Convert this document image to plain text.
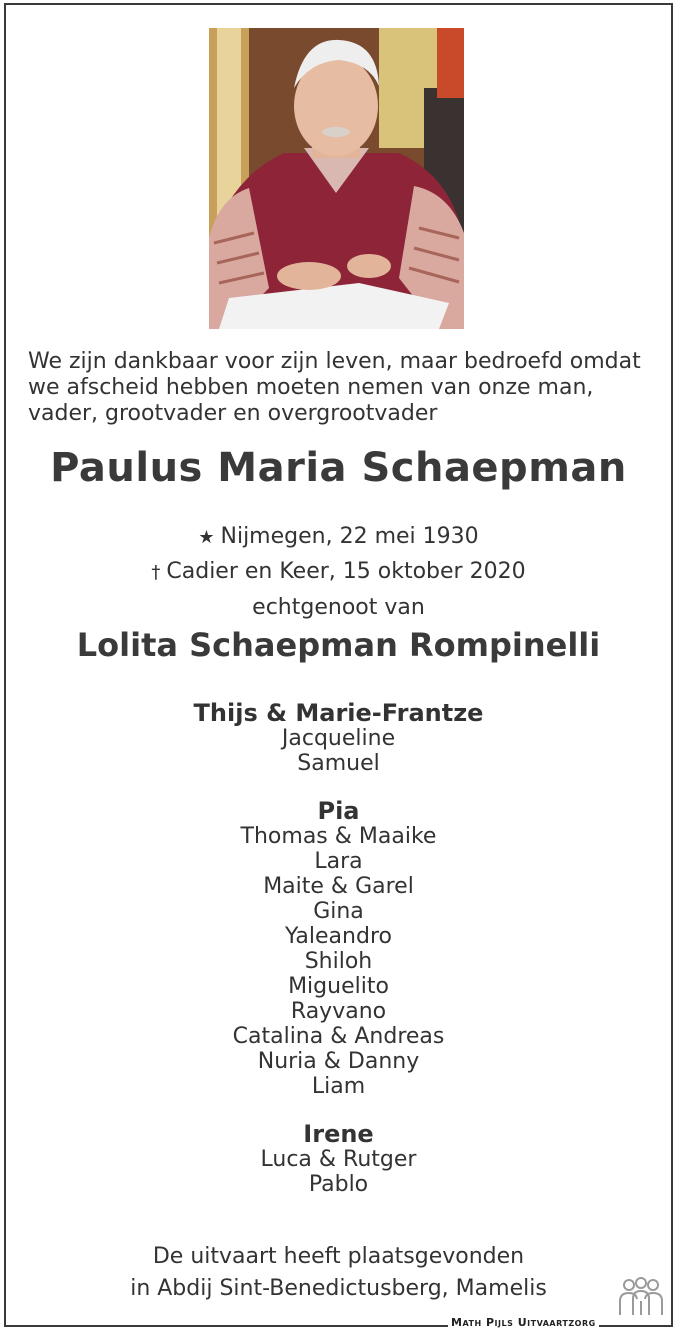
We zijn dankbaar voor zijn leven, maar bedroefd omdat
we afscheid hebben moeten nemen van onze man,
vader, grootvader en overgrootvader
Paulus Maria Schaepman
★ Nijmegen, 22 mei 1930
† Cadier en Keer, 15 oktober 2020
echtgenoot van
Lolita Schaepman Rompinelli
Thijs & Marie-Frantze
Jacqueline
Samuel
Pia
Thomas & Maaike
Lara
Maite & Garel
Gina
Yaleandro
Shiloh
Miguelito
Rayvano
Catalina & Andreas
Nuria & Danny
Liam
Irene
Luca & Rutger
Pablo
De uitvaart heeft plaatsgevonden
in Abdij Sint-Benedictusberg, Mamelis
Math Pijls Uitvaartzorg
